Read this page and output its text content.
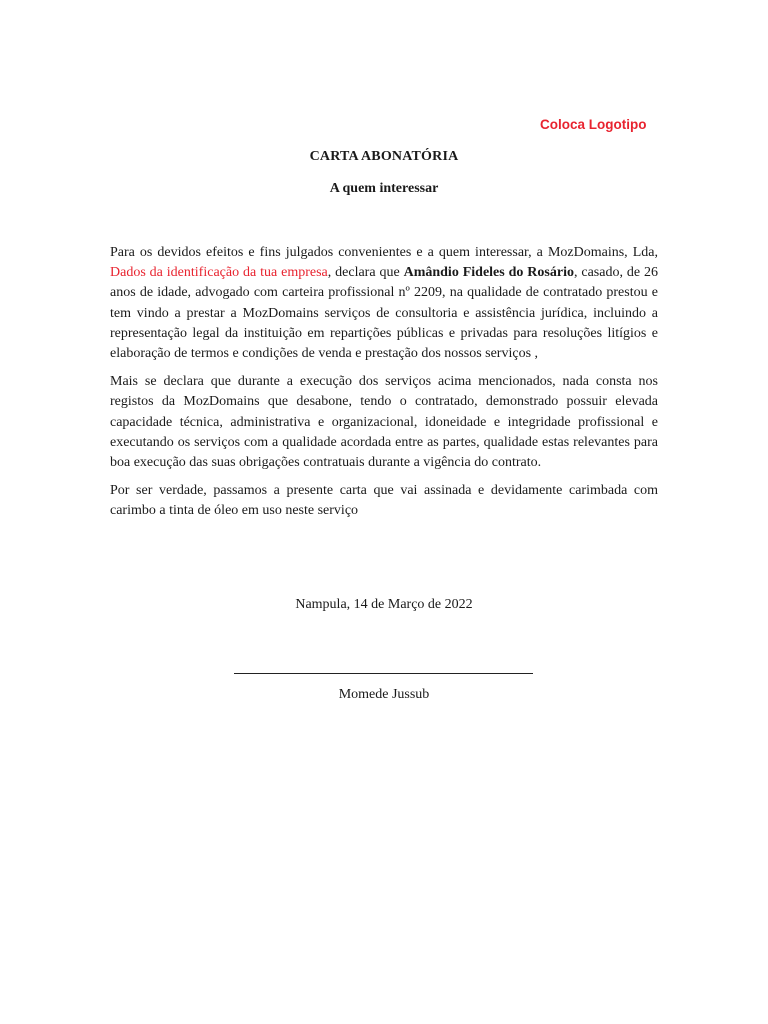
Coloca Logotipo
CARTA ABONATÓRIA
A quem interessar

Para os devidos efeitos e fins julgados convenientes e a quem interessar, a MozDomains, Lda, Dados da identificação da tua empresa, declara que Amândio Fideles do Rosário, casado, de 26 anos de idade, advogado com carteira profissional nº 2209, na qualidade de contratado prestou e tem vindo a prestar a MozDomains serviços de consultoria e assistência jurídica, incluindo a representação legal da instituição em repartições públicas e privadas para resoluções litígios e elaboração de termos e condições de venda e prestação dos nossos serviços ,

Mais se declara que durante a execução dos serviços acima mencionados, nada consta nos registos da MozDomains que desabone, tendo o contratado, demonstrado possuir elevada capacidade técnica, administrativa e organizacional, idoneidade e integridade profissional e executando os serviços com a qualidade acordada entre as partes, qualidade estas relevantes para boa execução das suas obrigações contratuais durante a vigência do contrato.

Por ser verdade, passamos a presente carta que vai assinada e devidamente carimbada com carimbo a tinta de óleo em uso neste serviço

Nampula, 14 de Março de 2022
Momede Jussub
